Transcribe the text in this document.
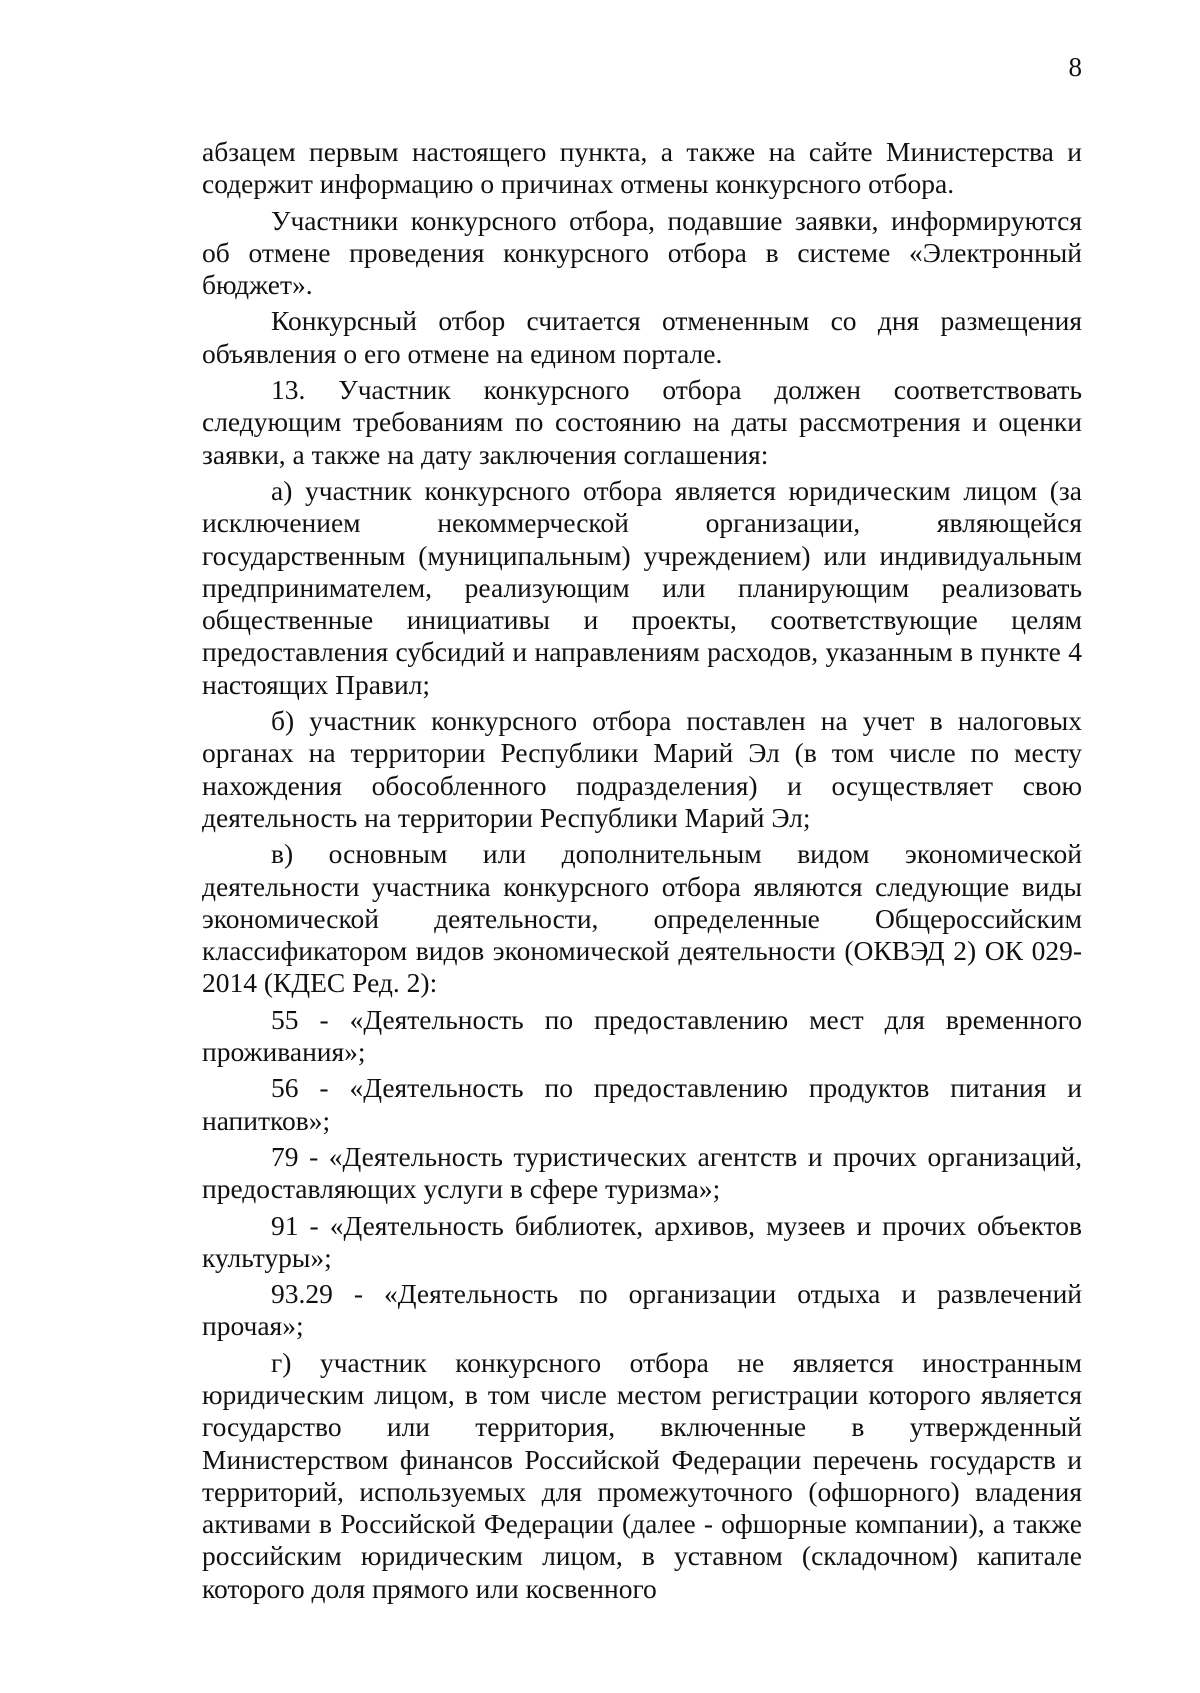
8

абзацем первым настоящего пункта, а также на сайте Министерства и содержит информацию о причинах отмены конкурсного отбора.

Участники конкурсного отбора, подавшие заявки, информируются об отмене проведения конкурсного отбора в системе «Электронный бюджет».

Конкурсный отбор считается отмененным со дня размещения объявления о его отмене на едином портале.

13. Участник конкурсного отбора должен соответствовать следующим требованиям по состоянию на даты рассмотрения и оценки заявки, а также на дату заключения соглашения:

а) участник конкурсного отбора является юридическим лицом (за исключением некоммерческой организации, являющейся государственным (муниципальным) учреждением) или индивидуальным предпринимателем, реализующим или планирующим реализовать общественные инициативы и проекты, соответствующие целям предоставления субсидий и направлениям расходов, указанным в пункте 4 настоящих Правил;

б) участник конкурсного отбора поставлен на учет в налоговых органах на территории Республики Марий Эл (в том числе по месту нахождения обособленного подразделения) и осуществляет свою деятельность на территории Республики Марий Эл;

в) основным или дополнительным видом экономической деятельности участника конкурсного отбора являются следующие виды экономической деятельности, определенные Общероссийским классификатором видов экономической деятельности (ОКВЭД 2) ОК 029-2014 (КДЕС Ред. 2):

55 - «Деятельность по предоставлению мест для временного проживания»;

56 - «Деятельность по предоставлению продуктов питания и напитков»;

79 - «Деятельность туристических агентств и прочих организаций, предоставляющих услуги в сфере туризма»;

91 - «Деятельность библиотек, архивов, музеев и прочих объектов культуры»;

93.29 - «Деятельность по организации отдыха и развлечений прочая»;

г) участник конкурсного отбора не является иностранным юридическим лицом, в том числе местом регистрации которого является государство или территория, включенные в утвержденный Министерством финансов Российской Федерации перечень государств и территорий, используемых для промежуточного (офшорного) владения активами в Российской Федерации (далее - офшорные компании), а также российским юридическим лицом, в уставном (складочном) капитале которого доля прямого или косвенного
